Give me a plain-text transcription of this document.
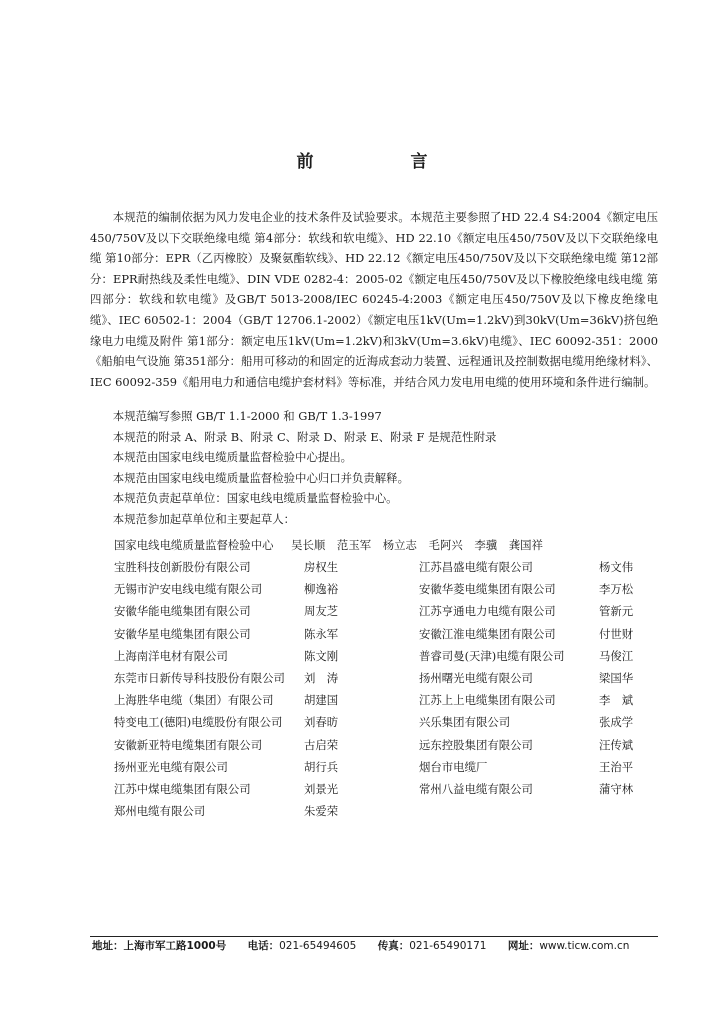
前　言

本规范的编制依据为风力发电企业的技术条件及试验要求。本规范主要参照了HD 22.4 S4:2004《额定电压450/750V及以下交联绝缘电缆 第4部分：软线和软电缆》、HD 22.10《额定电压450/750V及以下交联绝缘电缆 第10部分：EPR（乙丙橡胶）及聚氨酯软线》、HD 22.12《额定电压450/750V及以下交联绝缘电缆 第12部分：EPR耐热线及柔性电缆》、DIN VDE 0282-4：2005-02《额定电压450/750V及以下橡胶绝缘电线电缆 第四部分：软线和软电缆》及GB/T 5013-2008/IEC 60245-4:2003《额定电压450/750V及以下橡皮绝缘电缆》、IEC 60502-1：2004（GB/T 12706.1-2002）《额定电压1kV(Um=1.2kV)到30kV(Um=36kV)挤包绝缘电力电缆及附件 第1部分：额定电压1kV(Um=1.2kV)和3kV(Um=3.6kV)电缆》、IEC 60092-351：2000《船舶电气设施 第351部分：船用可移动的和固定的近海成套动力装置、远程通讯及控制数据电缆用绝缘材料》、IEC 60092-359《船用电力和通信电缆护套材料》等标准，并结合风力发电用电缆的使用环境和条件进行编制。

本规范编写参照 GB/T 1.1-2000 和 GB/T 1.3-1997
本规范的附录 A、附录 B、附录 C、附录 D、附录 E、附录 F 是规范性附录
本规范由国家电线电缆质量监督检验中心提出。
本规范由国家电线电缆质量监督检验中心归口并负责解释。
本规范负责起草单位：国家电线电缆质量监督检验中心。
本规范参加起草单位和主要起草人：
国家电线电缆质量监督检验中心 吴长顺 范玉军 杨立志 毛阿兴 李骥 龚国祥
宝胜科技创新股份有限公司	房权生	江苏昌盛电缆有限公司	杨文伟
无锡市沪安电线电缆有限公司	柳逸裕	安徽华菱电缆集团有限公司	李万松
安徽华能电缆集团有限公司	周友芝	江苏亨通电力电缆有限公司	管新元
安徽华星电缆集团有限公司	陈永军	安徽江淮电缆集团有限公司	付世财
上海南洋电材有限公司	陈文刚	普睿司曼(天津)电缆有限公司	马俊江
东莞市日新传导科技股份有限公司	刘　涛	扬州曙光电缆有限公司	梁国华
上海胜华电缆（集团）有限公司	胡建国	江苏上上电缆集团有限公司	李　斌
特变电工(德阳)电缆股份有限公司	刘春昉	兴乐集团有限公司	张成学
安徽新亚特电缆集团有限公司	古启荣	远东控股集团有限公司	汪传斌
扬州亚光电缆有限公司	胡行兵	烟台市电缆厂	王治平
江苏中煤电缆集团有限公司	刘景光	常州八益电缆有限公司	蒲守林
郑州电缆有限公司	朱爱荣		
地址：上海市军工路1000号 电话：021-65494605 传真：021-65490171 网址：www.ticw.com.cn
